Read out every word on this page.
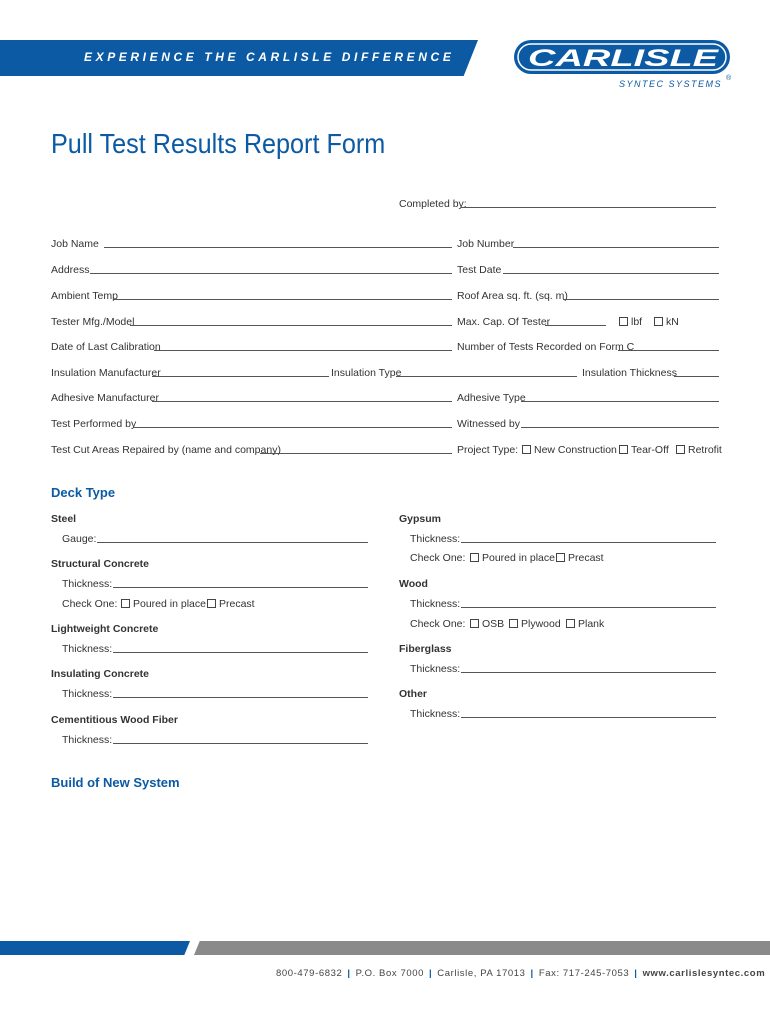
EXPERIENCE THE CARLISLE DIFFERENCE	CARLISLE
®
SYNTEC SYSTEMS
Pull Test Results Report Form
Completed by:
Job Name	Job Number
Address	Test Date
Ambient Temp	Roof Area sq. ft. (sq. m)
Tester Mfg./Model	Max. Cap. Of Tester	lbf	kN
Date of Last Calibration	Number of Tests Recorded on Form C
Insulation Manufacturer	Insulation Type	Insulation Thickness
Adhesive Manufacturer	Adhesive Type
Test Performed by	Witnessed by
Test Cut Areas Repaired by (name and company)	Project Type:	New Construction	Tear-Off	Retrofit
Deck Type
Steel
Gauge:
Structural Concrete
Thickness:
Check One:	Poured in place	Precast
Lightweight Concrete
Thickness:
Insulating Concrete
Thickness:
Cementitious Wood Fiber
Thickness:
Gypsum
Thickness:
Check One:	Poured in place	Precast
Wood
Thickness:
Check One:	OSB	Plywood	Plank
Fiberglass
Thickness:
Other
Thickness:
Build of New System
800-479-6832 | P.O. Box 7000 | Carlisle, PA 17013 | Fax: 717-245-7053 | www.carlislesyntec.com
